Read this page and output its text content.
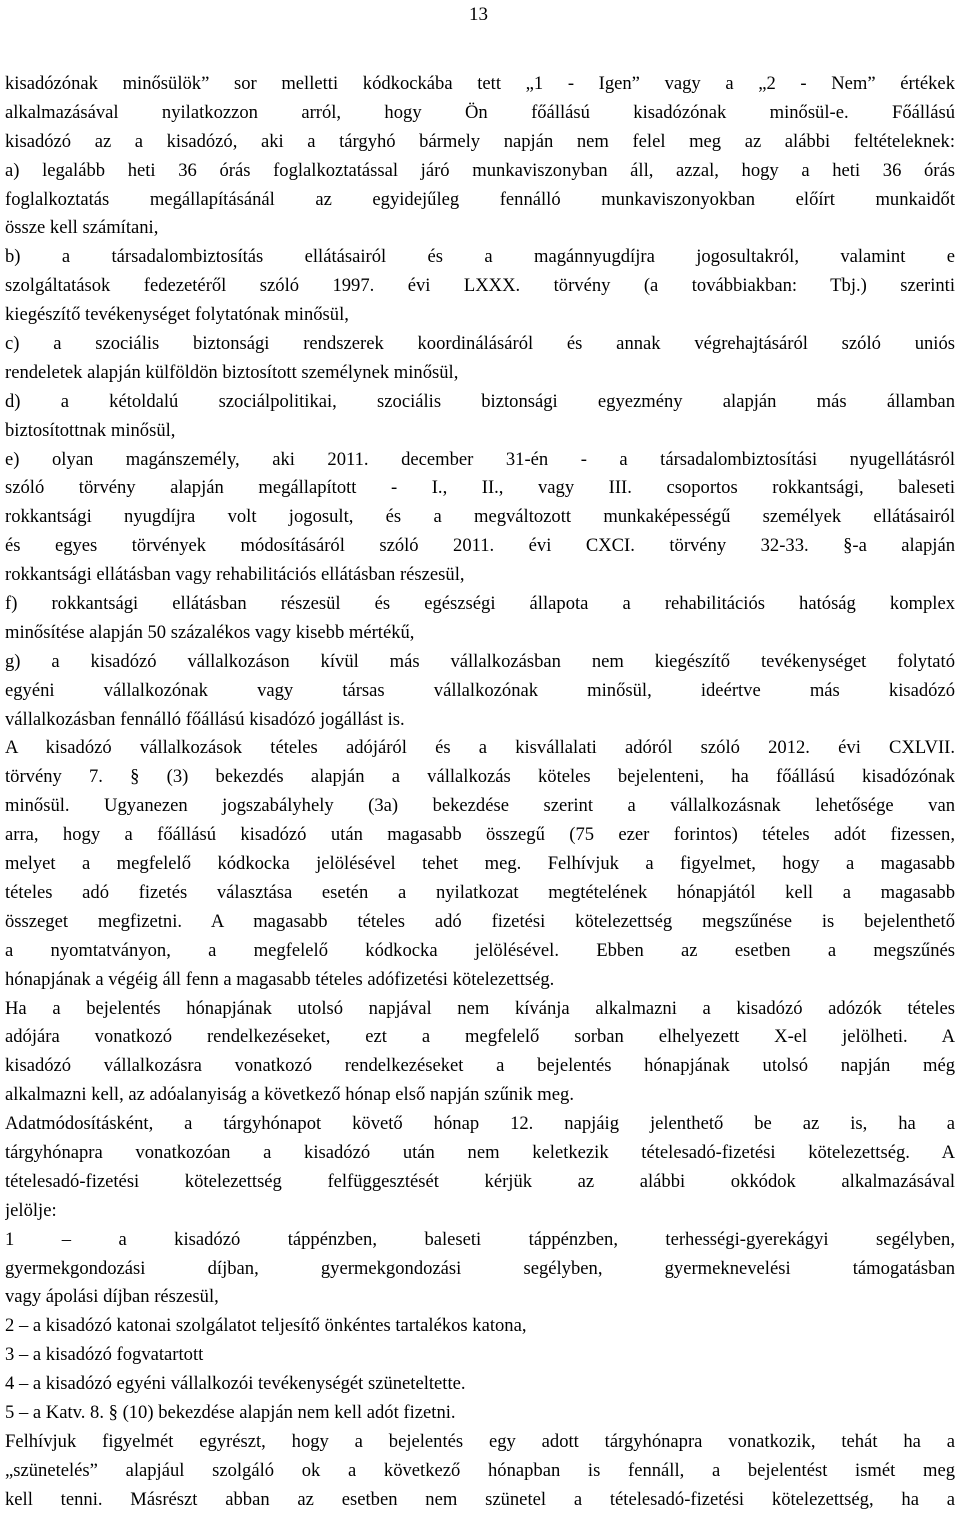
13
kisadózónak minősülök” sor melletti kódkockába tett „1 - Igen” vagy a „2 - Nem” értékek
alkalmazásával nyilatkozzon arról, hogy Ön főállású kisadózónak minősül-e. Főállású
kisadózó az a kisadózó, aki a tárgyhó bármely napján nem felel meg az alábbi feltételeknek:
a) legalább heti 36 órás foglalkoztatással járó munkaviszonyban áll, azzal, hogy a heti 36 órás
foglalkoztatás megállapításánál az egyidejűleg fennálló munkaviszonyokban előírt munkaidőt
össze kell számítani,
b) a társadalombiztosítás ellátásairól és a magánnyugdíjra jogosultakról, valamint e
szolgáltatások fedezetéről szóló 1997. évi LXXX. törvény (a továbbiakban: Tbj.) szerinti
kiegészítő tevékenységet folytatónak minősül,
c) a szociális biztonsági rendszerek koordinálásáról és annak végrehajtásáról szóló uniós
rendeletek alapján külföldön biztosított személynek minősül,
d) a kétoldalú szociálpolitikai, szociális biztonsági egyezmény alapján más államban
biztosítottnak minősül,
e) olyan magánszemély, aki 2011. december 31-én - a társadalombiztosítási nyugellátásról
szóló törvény alapján megállapított - I., II., vagy III. csoportos rokkantsági, baleseti
rokkantsági nyugdíjra volt jogosult, és a megváltozott munkaképességű személyek ellátásairól
és egyes törvények módosításáról szóló 2011. évi CXCI. törvény 32-33. §-a alapján
rokkantsági ellátásban vagy rehabilitációs ellátásban részesül,
f) rokkantsági ellátásban részesül és egészségi állapota a rehabilitációs hatóság komplex
minősítése alapján 50 százalékos vagy kisebb mértékű,
g) a kisadózó vállalkozáson kívül más vállalkozásban nem kiegészítő tevékenységet folytató
egyéni vállalkozónak vagy társas vállalkozónak minősül, ideértve más kisadózó
vállalkozásban fennálló főállású kisadózó jogállást is.
A kisadózó vállalkozások tételes adójáról és a kisvállalati adóról szóló 2012. évi CXLVII.
törvény 7. § (3) bekezdés alapján a vállalkozás köteles bejelenteni, ha főállású kisadózónak
minősül. Ugyanezen jogszabályhely (3a) bekezdése szerint a vállalkozásnak lehetősége van
arra, hogy a főállású kisadózó után magasabb összegű (75 ezer forintos) tételes adót fizessen,
melyet a megfelelő kódkocka jelölésével tehet meg. Felhívjuk a figyelmet, hogy a magasabb
tételes adó fizetés választása esetén a nyilatkozat megtételének hónapjától kell a magasabb
összeget megfizetni. A magasabb tételes adó fizetési kötelezettség megszűnése is bejelenthető
a nyomtatványon, a megfelelő kódkocka jelölésével. Ebben az esetben a megszűnés
hónapjának a végéig áll fenn a magasabb tételes adófizetési kötelezettség.
Ha a bejelentés hónapjának utolsó napjával nem kívánja alkalmazni a kisadózó adózók tételes
adójára vonatkozó rendelkezéseket, ezt a megfelelő sorban elhelyezett X-el jelölheti. A
kisadózó vállalkozásra vonatkozó rendelkezéseket a bejelentés hónapjának utolsó napján még
alkalmazni kell, az adóalanyiság a következő hónap első napján szűnik meg.
Adatmódosításként, a tárgyhónapot követő hónap 12. napjáig jelenthető be az is, ha a
tárgyhónapra vonatkozóan a kisadózó után nem keletkezik tételesadó-fizetési kötelezettség. A
tételesadó-fizetési kötelezettség felfüggesztését kérjük az alábbi okkódok alkalmazásával
jelölje:
1 – a kisadózó táppénzben, baleseti táppénzben, terhességi-gyerekágyi segélyben,
gyermekgondozási díjban, gyermekgondozási segélyben, gyermeknevelési támogatásban
vagy ápolási díjban részesül,
2 – a kisadózó katonai szolgálatot teljesítő önkéntes tartalékos katona,
3 – a kisadózó fogvatartott
4 – a kisadózó egyéni vállalkozói tevékenységét szüneteltette.
5 – a Katv. 8. § (10) bekezdése alapján nem kell adót fizetni.
Felhívjuk figyelmét egyrészt, hogy a bejelentés egy adott tárgyhónapra vonatkozik, tehát ha a
„szünetelés” alapjául szolgáló ok a következő hónapban is fennáll, a bejelentést ismét meg
kell tenni. Másrészt abban az esetben nem szünetel a tételesadó-fizetési kötelezettség, ha a
